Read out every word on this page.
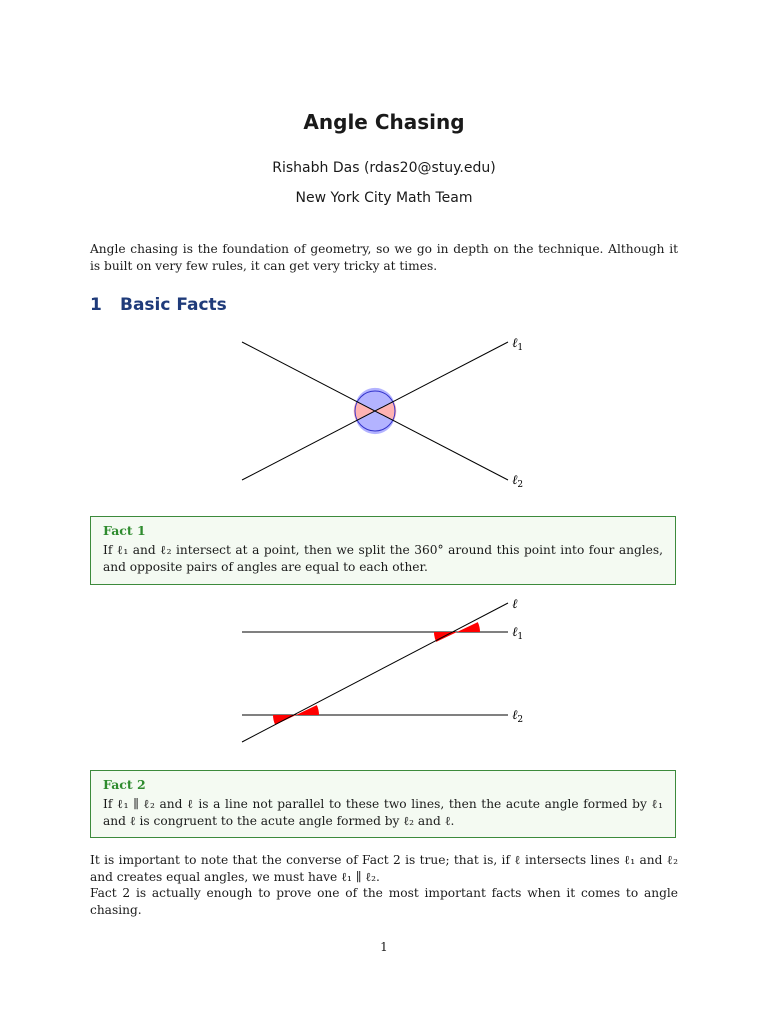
Angle Chasing
Rishabh Das (rdas20@stuy.edu)
New York City Math Team
Angle chasing is the foundation of geometry, so we go in depth on the technique. Although it is built on very few rules, it can get very tricky at times.
1 Basic Facts
ℓ$_1$
ℓ$_2$
ℓ
ℓ$_1$
ℓ$_2$
Fact 1
If ℓ₁ and ℓ₂ intersect at a point, then we split the 360° around this point into four angles, and opposite pairs of angles are equal to each other.
Fact 2
If ℓ₁ ∥ ℓ₂ and ℓ is a line not parallel to these two lines, then the acute angle formed by ℓ₁ and ℓ is congruent to the acute angle formed by ℓ₂ and ℓ.
It is important to note that the converse of Fact 2 is true; that is, if ℓ intersects lines ℓ₁ and ℓ₂ and creates equal angles, we must have ℓ₁ ∥ ℓ₂.
Fact 2 is actually enough to prove one of the most important facts when it comes to angle chasing.
1
